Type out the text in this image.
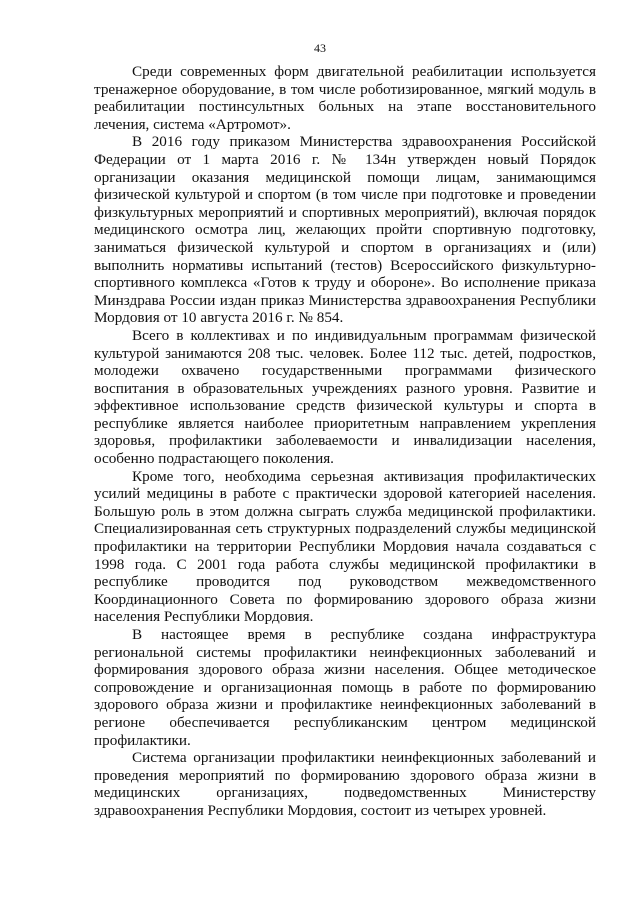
43

Среди современных форм двигательной реабилитации используется тренажерное оборудование, в том числе роботизированное, мягкий модуль в реабилитации постинсультных больных на этапе восстановительного лечения, система «Артромот».

В 2016 году приказом Министерства здравоохранения Российской Федерации от 1 марта 2016 г. № 134н утвержден новый Порядок организации оказания медицинской помощи лицам, занимающимся физической культурой и спортом (в том числе при подготовке и проведении физкультурных мероприятий и спортивных мероприятий), включая порядок медицинского осмотра лиц, желающих пройти спортивную подготовку, заниматься физической культурой и спортом в организациях и (или) выполнить нормативы испытаний (тестов) Всероссийского физкультурно-спортивного комплекса «Готов к труду и обороне». Во исполнение приказа Минздрава России издан приказ Министерства здравоохранения Республики Мордовия от 10 августа 2016 г. № 854.

Всего в коллективах и по индивидуальным программам физической культурой занимаются 208 тыс. человек. Более 112 тыс. детей, подростков, молодежи охвачено государственными программами физического воспитания в образовательных учреждениях разного уровня. Развитие и эффективное использование средств физической культуры и спорта в республике является наиболее приоритетным направлением укрепления здоровья, профилактики заболеваемости и инвалидизации населения, особенно подрастающего поколения.

Кроме того, необходима серьезная активизация профилактических усилий медицины в работе с практически здоровой категорией населения. Большую роль в этом должна сыграть служба медицинской профилактики. Специализированная сеть структурных подразделений службы медицинской профилактики на территории Республики Мордовия начала создаваться с 1998 года. С 2001 года работа службы медицинской профилактики в республике проводится под руководством межведомственного Координационного Совета по формированию здорового образа жизни населения Республики Мордовия.

В настоящее время в республике создана инфраструктура региональной системы профилактики неинфекционных заболеваний и формирования здорового образа жизни населения. Общее методическое сопровождение и организационная помощь в работе по формированию здорового образа жизни и профилактике неинфекционных заболеваний в регионе обеспечивается республиканским центром медицинской профилактики.

Система организации профилактики неинфекционных заболеваний и проведения мероприятий по формированию здорового образа жизни в медицинских организациях, подведомственных Министерству здравоохранения Республики Мордовия, состоит из четырех уровней.
